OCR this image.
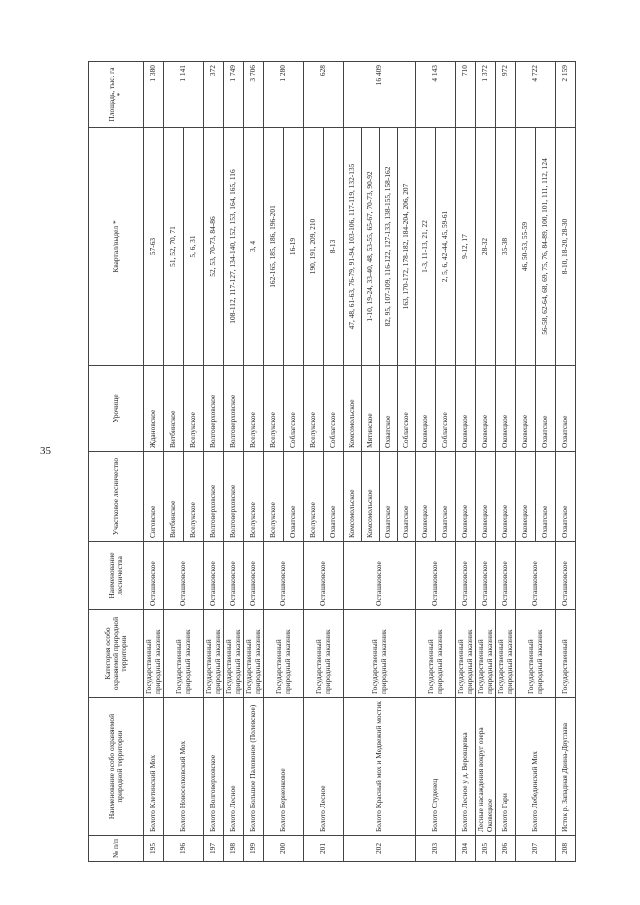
35
№ п/п	Наименование особо охраняемой природной территории	Категория особо охраняемой природной территории	Наименование лесничества	Участковое лесничество	Урочище	Квартал/выдел *	Площадь, тыс. га *
195	Болото Клетинский Мох	Государственный природный заказник	Осташковское	Сиговское	Ждановское	57-63	1 380
196	Болото Новоселковский Мох	Государственный природный заказник	Осташковское	Витбинское	Витбинское	51, 52, 70, 71	1 141
				Вселукское	Вселукское	5, 6, 31	
197	Болото Волговерховское	Государственный природный заказник	Осташковское	Волговерховское	Волговерховское	52, 53, 70-73, 84-86	372
198	Болото Лесное	Государственный природный заказник	Осташковское	Волговерховское	Волговерховское	108-112, 117-127, 134-140, 152, 153, 164, 165, 116	1 749
199	Болото Большое Паловоное (Полевское)	Государственный природный заказник	Осташковское	Вселукское	Вселукское	3, 4	3 706
200	Болото Берненковое	Государственный природный заказник	Осташковское	Вселукское	Вселукское	162-165, 185, 186, 196-201	1 280
				Охватское	Соблагское	16-19	
201	Болото Лесное	Государственный природный заказник	Осташковское	Вселукское	Вселукское	190, 191, 209, 210	628
				Охватское	Соблагское	8-13	
202	Болото Красный мох и Медвежий мостик	Государственный природный заказник	Осташковское	Комсомольское	Комсомольское	47, 48, 61-63, 76-79, 91-94, 103-106, 117-119, 132-135	16 409
				Комсомольское	Мятинское	1-10, 19-24, 33-40, 48, 53-55, 65-67, 70-73, 90-92	
				Охватское	Охватское	82, 95, 107-109, 116-122, 127-133, 138-155, 158-162	
				Охватское	Соблагское	163, 170-172, 178-182, 184-204, 206, 207	
203	Болото Студенец	Государственный природный заказник	Осташковское	Оковецкое	Оковецкое	1-3, 11-13, 21, 22	4 143
				Охватское	Соблагское	2, 5, 6, 42-44, 45, 59-61	
204	Болото Лесное у д. Веровщевка	Государственный природный заказник	Осташковское	Оковецкое	Оковецкое	9-12, 17	710
205	Лесные насаждения вокруг озера Оковецкое	Государственный природный заказник	Осташковское	Оковецкое	Оковецкое	28-32	1 372
206	Болото Гари	Государственный природный заказник	Осташковское	Оковецкое	Оковецкое	35-38	972
207	Болото Лебединский Мох	Государственный природный заказник	Осташковское	Оковецкое	Оковецкое	46, 50-53, 55-59	4 722
				Охватское	Охватское	56-58, 62-64, 68, 69, 75, 76, 84-89, 100, 101, 111, 112, 124	
208	Исток р. Западная Двина-Двуглава	Государственный	Осташковское	Охватское	Охватское	8-10, 18-20, 28-30	2 159
